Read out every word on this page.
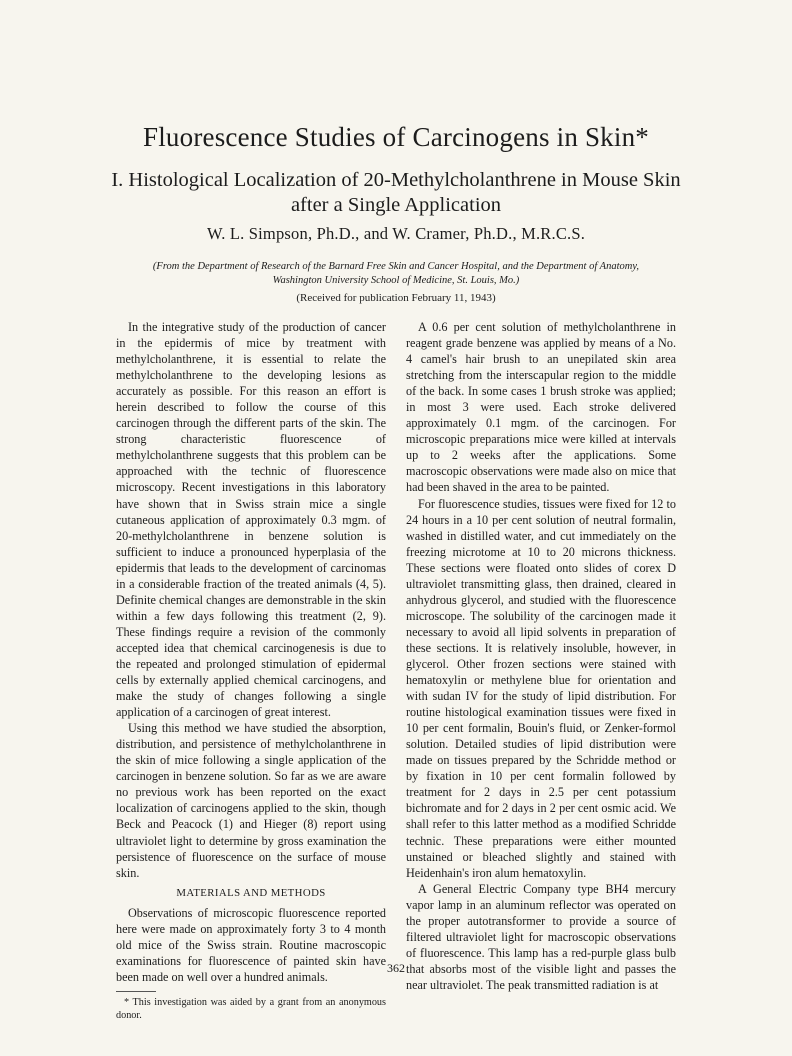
Fluorescence Studies of Carcinogens in Skin*
I. Histological Localization of 20-Methylcholanthrene in Mouse Skin after a Single Application
W. L. Simpson, Ph.D., and W. Cramer, Ph.D., M.R.C.S.
(From the Department of Research of the Barnard Free Skin and Cancer Hospital, and the Department of Anatomy, Washington University School of Medicine, St. Louis, Mo.)
(Received for publication February 11, 1943)

In the integrative study of the production of cancer in the epidermis of mice by treatment with methylcholanthrene, it is essential to relate the methylcholanthrene to the developing lesions as accurately as possible. For this reason an effort is herein described to follow the course of this carcinogen through the different parts of the skin. The strong characteristic fluorescence of methylcholanthrene suggests that this problem can be approached with the technic of fluorescence microscopy. Recent investigations in this laboratory have shown that in Swiss strain mice a single cutaneous application of approximately 0.3 mgm. of 20-methylcholanthrene in benzene solution is sufficient to induce a pronounced hyperplasia of the epidermis that leads to the development of carcinomas in a considerable fraction of the treated animals (4, 5). Definite chemical changes are demonstrable in the skin within a few days following this treatment (2, 9). These findings require a revision of the commonly accepted idea that chemical carcinogenesis is due to the repeated and prolonged stimulation of epidermal cells by externally applied chemical carcinogens, and make the study of changes following a single application of a carcinogen of great interest.

Using this method we have studied the absorption, distribution, and persistence of methylcholanthrene in the skin of mice following a single application of the carcinogen in benzene solution. So far as we are aware no previous work has been reported on the exact localization of carcinogens applied to the skin, though Beck and Peacock (1) and Hieger (8) report using ultraviolet light to determine by gross examination the persistence of fluorescence on the surface of mouse skin.

MATERIALS AND METHODS

Observations of microscopic fluorescence reported here were made on approximately forty 3 to 4 month old mice of the Swiss strain. Routine macroscopic examinations for fluorescence of painted skin have been made on well over a hundred animals.

* This investigation was aided by a grant from an anonymous donor.

A 0.6 per cent solution of methylcholanthrene in reagent grade benzene was applied by means of a No. 4 camel's hair brush to an unepilated skin area stretching from the interscapular region to the middle of the back. In some cases 1 brush stroke was applied; in most 3 were used. Each stroke delivered approximately 0.1 mgm. of the carcinogen. For microscopic preparations mice were killed at intervals up to 2 weeks after the applications. Some macroscopic observations were made also on mice that had been shaved in the area to be painted.

For fluorescence studies, tissues were fixed for 12 to 24 hours in a 10 per cent solution of neutral formalin, washed in distilled water, and cut immediately on the freezing microtome at 10 to 20 microns thickness. These sections were floated onto slides of corex D ultraviolet transmitting glass, then drained, cleared in anhydrous glycerol, and studied with the fluorescence microscope. The solubility of the carcinogen made it necessary to avoid all lipid solvents in preparation of these sections. It is relatively insoluble, however, in glycerol. Other frozen sections were stained with hematoxylin or methylene blue for orientation and with sudan IV for the study of lipid distribution. For routine histological examination tissues were fixed in 10 per cent formalin, Bouin's fluid, or Zenker-formol solution. Detailed studies of lipid distribution were made on tissues prepared by the Schridde method or by fixation in 10 per cent formalin followed by treatment for 2 days in 2.5 per cent potassium bichromate and for 2 days in 2 per cent osmic acid. We shall refer to this latter method as a modified Schridde technic. These preparations were either mounted unstained or bleached slightly and stained with Heidenhain's iron alum hematoxylin.

A General Electric Company type BH4 mercury vapor lamp in an aluminum reflector was operated on the proper autotransformer to provide a source of filtered ultraviolet light for macroscopic observations of fluorescence. This lamp has a red-purple glass bulb that absorbs most of the visible light and passes the near ultraviolet. The peak transmitted radiation is at

362
